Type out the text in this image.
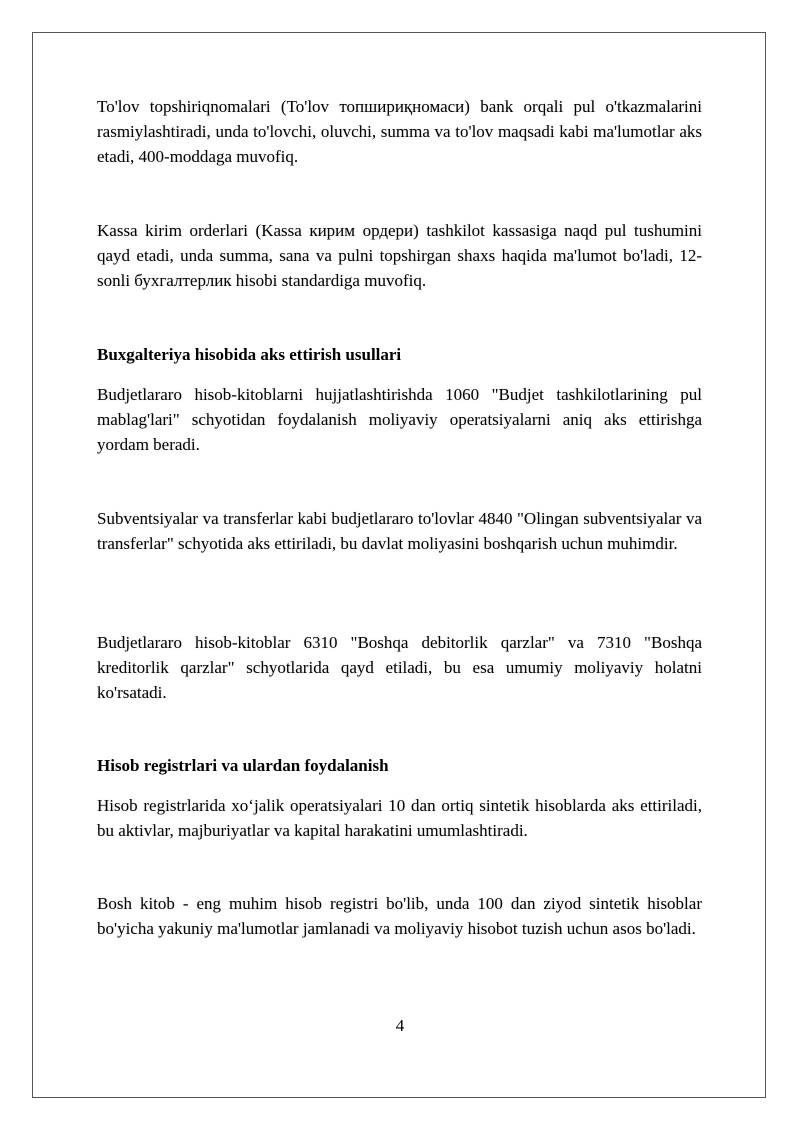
To'lov topshiriqnomalari (To'lov топшириқномаси) bank orqali pul o'tkazmalarini rasmiylashtiradi, unda to'lovchi, oluvchi, summa va to'lov maqsadi kabi ma'lumotlar aks etadi, 400-moddaga muvofiq.

Kassa kirim orderlari (Kassa кирим ордери) tashkilot kassasiga naqd pul tushumini qayd etadi, unda summa, sana va pulni topshirgan shaxs haqida ma'lumot bo'ladi, 12-sonli бухгалтерлик hisobi standardiga muvofiq.

Buxgalteriya hisobida aks ettirish usullari

Budjetlararo hisob-kitoblarni hujjatlashtirishda 1060 "Budjet tashkilotlarining pul mablag'lari" schyotidan foydalanish moliyaviy operatsiyalarni aniq aks ettirishga yordam beradi.

Subventsiyalar va transferlar kabi budjetlararo to'lovlar 4840 "Olingan subventsiyalar va transferlar" schyotida aks ettiriladi, bu davlat moliyasini boshqarish uchun muhimdir.

Budjetlararo hisob-kitoblar 6310 "Boshqa debitorlik qarzlar" va 7310 "Boshqa kreditorlik qarzlar" schyotlarida qayd etiladi, bu esa umumiy moliyaviy holatni ko'rsatadi.

Hisob registrlari va ulardan foydalanish

Hisob registrlarida xo‘jalik operatsiyalari 10 dan ortiq sintetik hisoblarda aks ettiriladi, bu aktivlar, majburiyatlar va kapital harakatini umumlashtiradi.

Bosh kitob - eng muhim hisob registri bo'lib, unda 100 dan ziyod sintetik hisoblar bo'yicha yakuniy ma'lumotlar jamlanadi va moliyaviy hisobot tuzish uchun asos bo'ladi.

4
